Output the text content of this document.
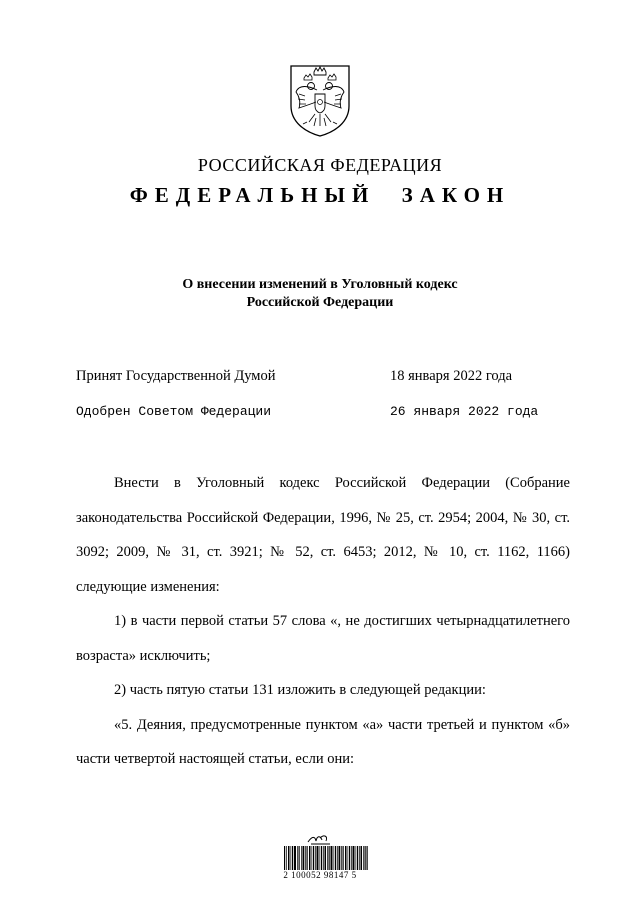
РОССИЙСКАЯ ФЕДЕРАЦИЯ
ФЕДЕРАЛЬНЫЙ ЗАКОН
О внесении изменений в Уголовный кодекс
Российской Федерации
Принят Государственной Думой	18 января 2022 года
Одобрен Советом Федерации	26 января 2022 года

Внести в Уголовный кодекс Российской Федерации (Собрание законодательства Российской Федерации, 1996, № 25, ст. 2954; 2004, № 30, ст. 3092; 2009, № 31, ст. 3921; № 52, ст. 6453; 2012, № 10, ст. 1162, 1166) следующие изменения:

1) в части первой статьи 57 слова «, не достигших четырнадцатилетнего возраста» исключить;

2) часть пятую статьи 131 изложить в следующей редакции:

«5. Деяния, предусмотренные пунктом «а» части третьей и пунктом «б» части четвертой настоящей статьи, если они:

2 100052 98147 5
